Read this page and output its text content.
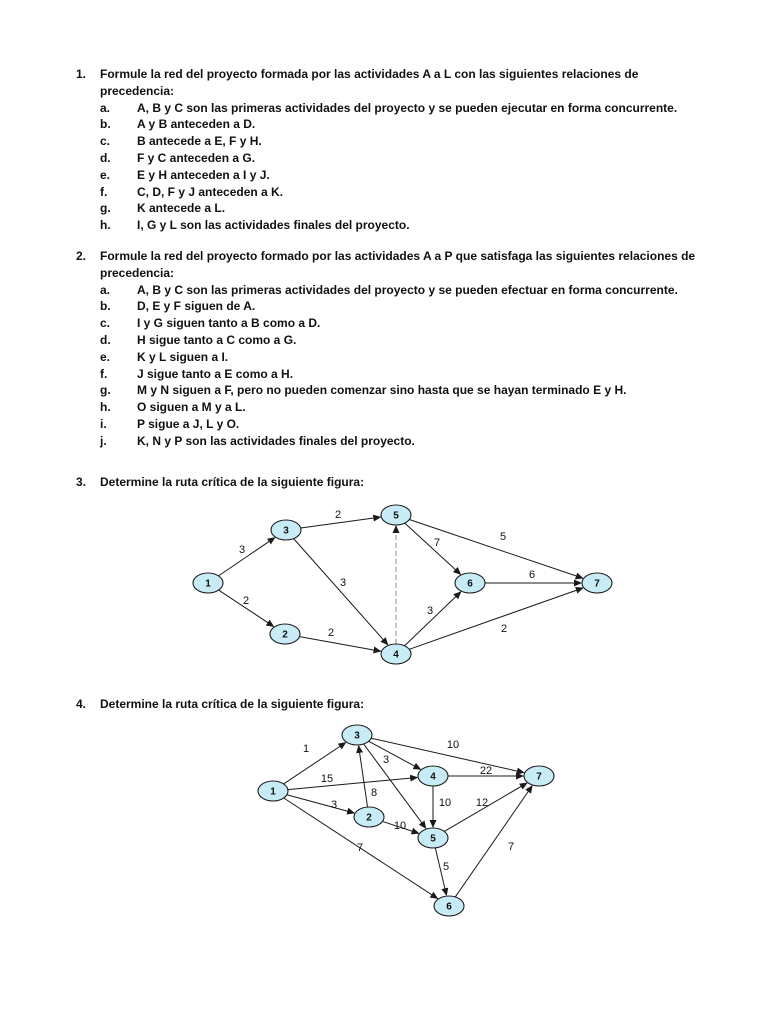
1. Formule la red del proyecto formada por las actividades A a L con las siguientes relaciones de precedencia:
a. A, B y C son las primeras actividades del proyecto y se pueden ejecutar en forma concurrente.
b. A y B anteceden a D.
c. B antecede a E, F y H.
d. F y C anteceden a G.
e. E y H anteceden a I y J.
f. C, D, F y J anteceden a K.
g. K antecede a L.
h. I, G y L son las actividades finales del proyecto.
2. Formule la red del proyecto formado por las actividades A a P que satisfaga las siguientes relaciones de precedencia:
a. A, B y C son las primeras actividades del proyecto y se pueden efectuar en forma concurrente.
b. D, E y F siguen de A.
c. I y G siguen tanto a B como a D.
d. H sigue tanto a C como a G.
e. K y L siguen a I.
f. J sigue tanto a E como a H.
g. M y N siguen a F, pero no pueden comenzar sino hasta que se hayan terminado E y H.
h. O siguen a M y a L.
i.	P sigue a J, L y O.
j.	K, N y P son las actividades finales del proyecto.
3. Determine la ruta crítica de la siguiente figura:
3
2
2
3
2
7	5
3
6
2
1
2
3
4
5
6	7
4. Determine la ruta crítica de la siguiente figura:
1
15
3
7
8
10
3
10
22
10 12
5
7
1
2
3
4
5
6
7
